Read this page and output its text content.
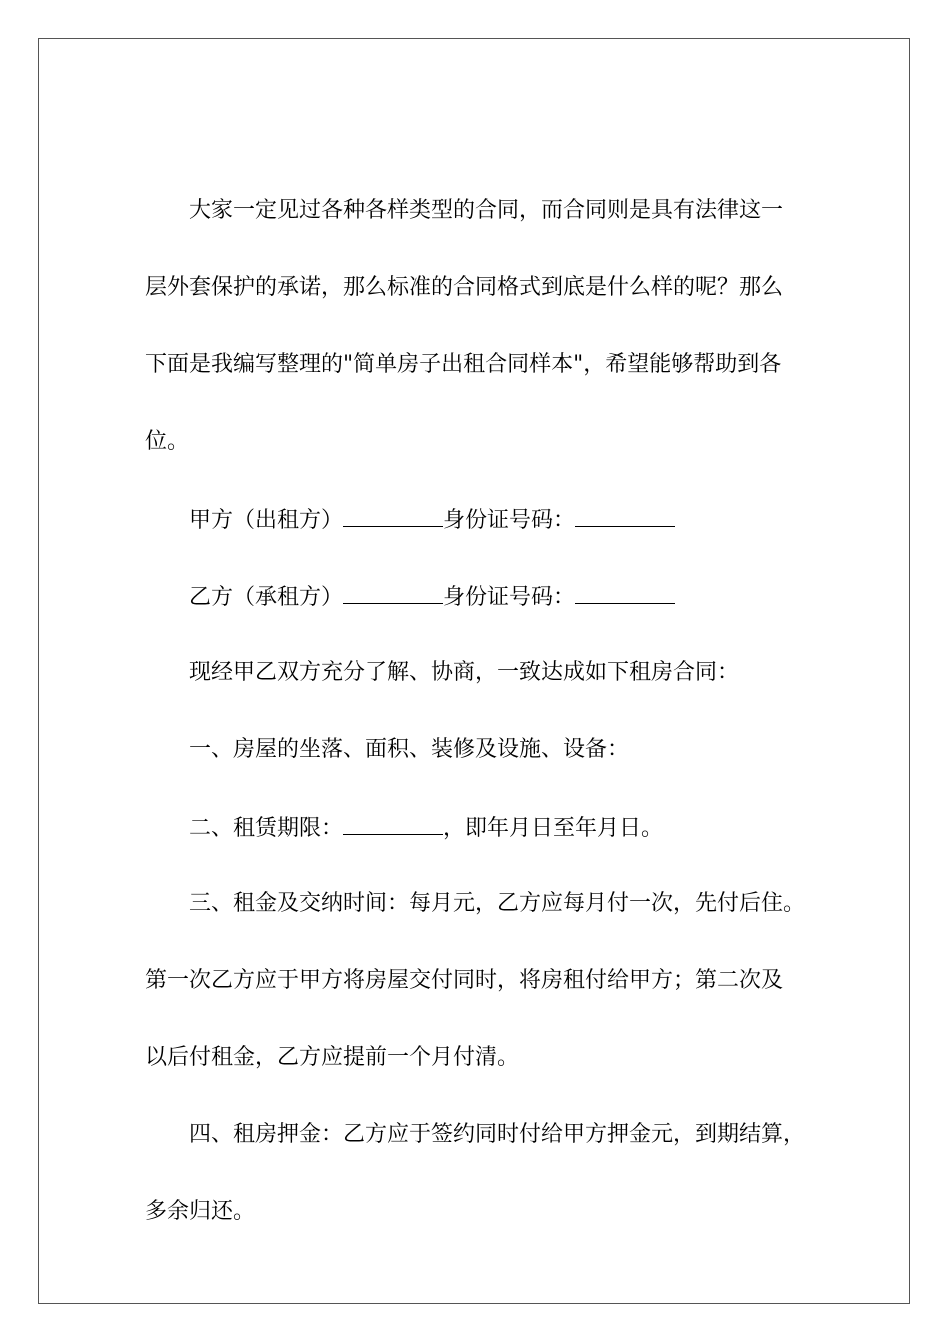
大家一定见过各种各样类型的合同，而合同则是具有法律这一
层外套保护的承诺，那么标准的合同格式到底是什么样的呢？那么
下面是我编写整理的"简单房子出租合同样本"，希望能够帮助到各
位。
甲方（出租方）	身份证号码：
乙方（承租方）	身份证号码：
现经甲乙双方充分了解、协商，一致达成如下租房合同：
一、房屋的坐落、面积、装修及设施、设备：
二、租赁期限：	，即年月日至年月日。
三、租金及交纳时间：每月元，乙方应每月付一次，先付后住。
第一次乙方应于甲方将房屋交付同时，将房租付给甲方；第二次及
以后付租金，乙方应提前一个月付清。
四、租房押金：乙方应于签约同时付给甲方押金元，到期结算，
多余归还。
